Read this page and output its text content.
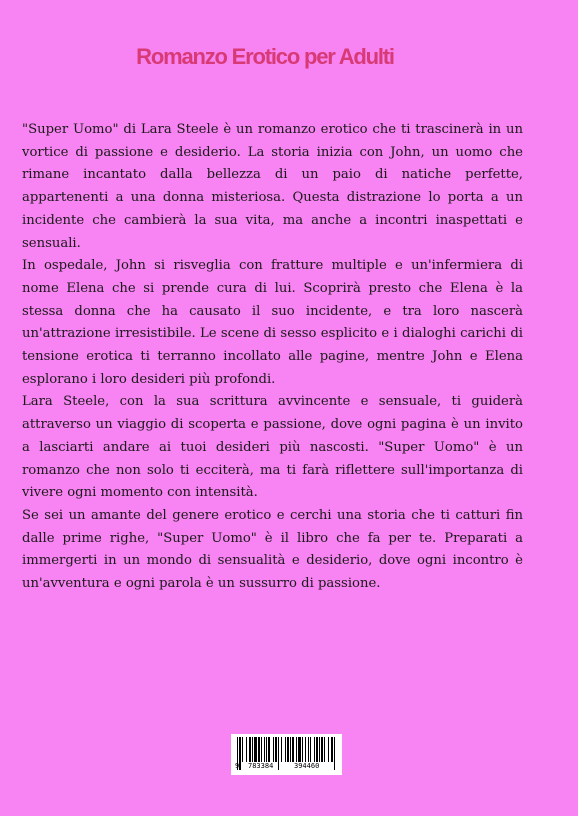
Romanzo Erotico per Adulti

"Super Uomo" di Lara Steele è un romanzo erotico che ti trascinerà in un vortice di passione e desiderio. La storia inizia con John, un uomo che rimane incantato dalla bellezza di un paio di natiche perfette, appartenenti a una donna misteriosa. Questa distrazione lo porta a un incidente che cambierà la sua vita, ma anche a incontri inaspettati e sensuali.

In ospedale, John si risveglia con fratture multiple e un'infermiera di nome Elena che si prende cura di lui. Scoprirà presto che Elena è la stessa donna che ha causato il suo incidente, e tra loro nascerà un'attrazione irresistibile. Le scene di sesso esplicito e i dialoghi carichi di tensione erotica ti terranno incollato alle pagine, mentre John e Elena esplorano i loro desideri più profondi.

Lara Steele, con la sua scrittura avvincente e sensuale, ti guiderà attraverso un viaggio di scoperta e passione, dove ogni pagina è un invito a lasciarti andare ai tuoi desideri più nascosti. "Super Uomo" è un romanzo che non solo ti ecciterà, ma ti farà riflettere sull'importanza di vivere ogni momento con intensità.

Se sei un amante del genere erotico e cerchi una storia che ti catturi fin dalle prime righe, "Super Uomo" è il libro che fa per te. Preparati a immergerti in un mondo di sensualità e desiderio, dove ogni incontro è un'avventura e ogni parola è un sussurro di passione.

9 783384	394460
